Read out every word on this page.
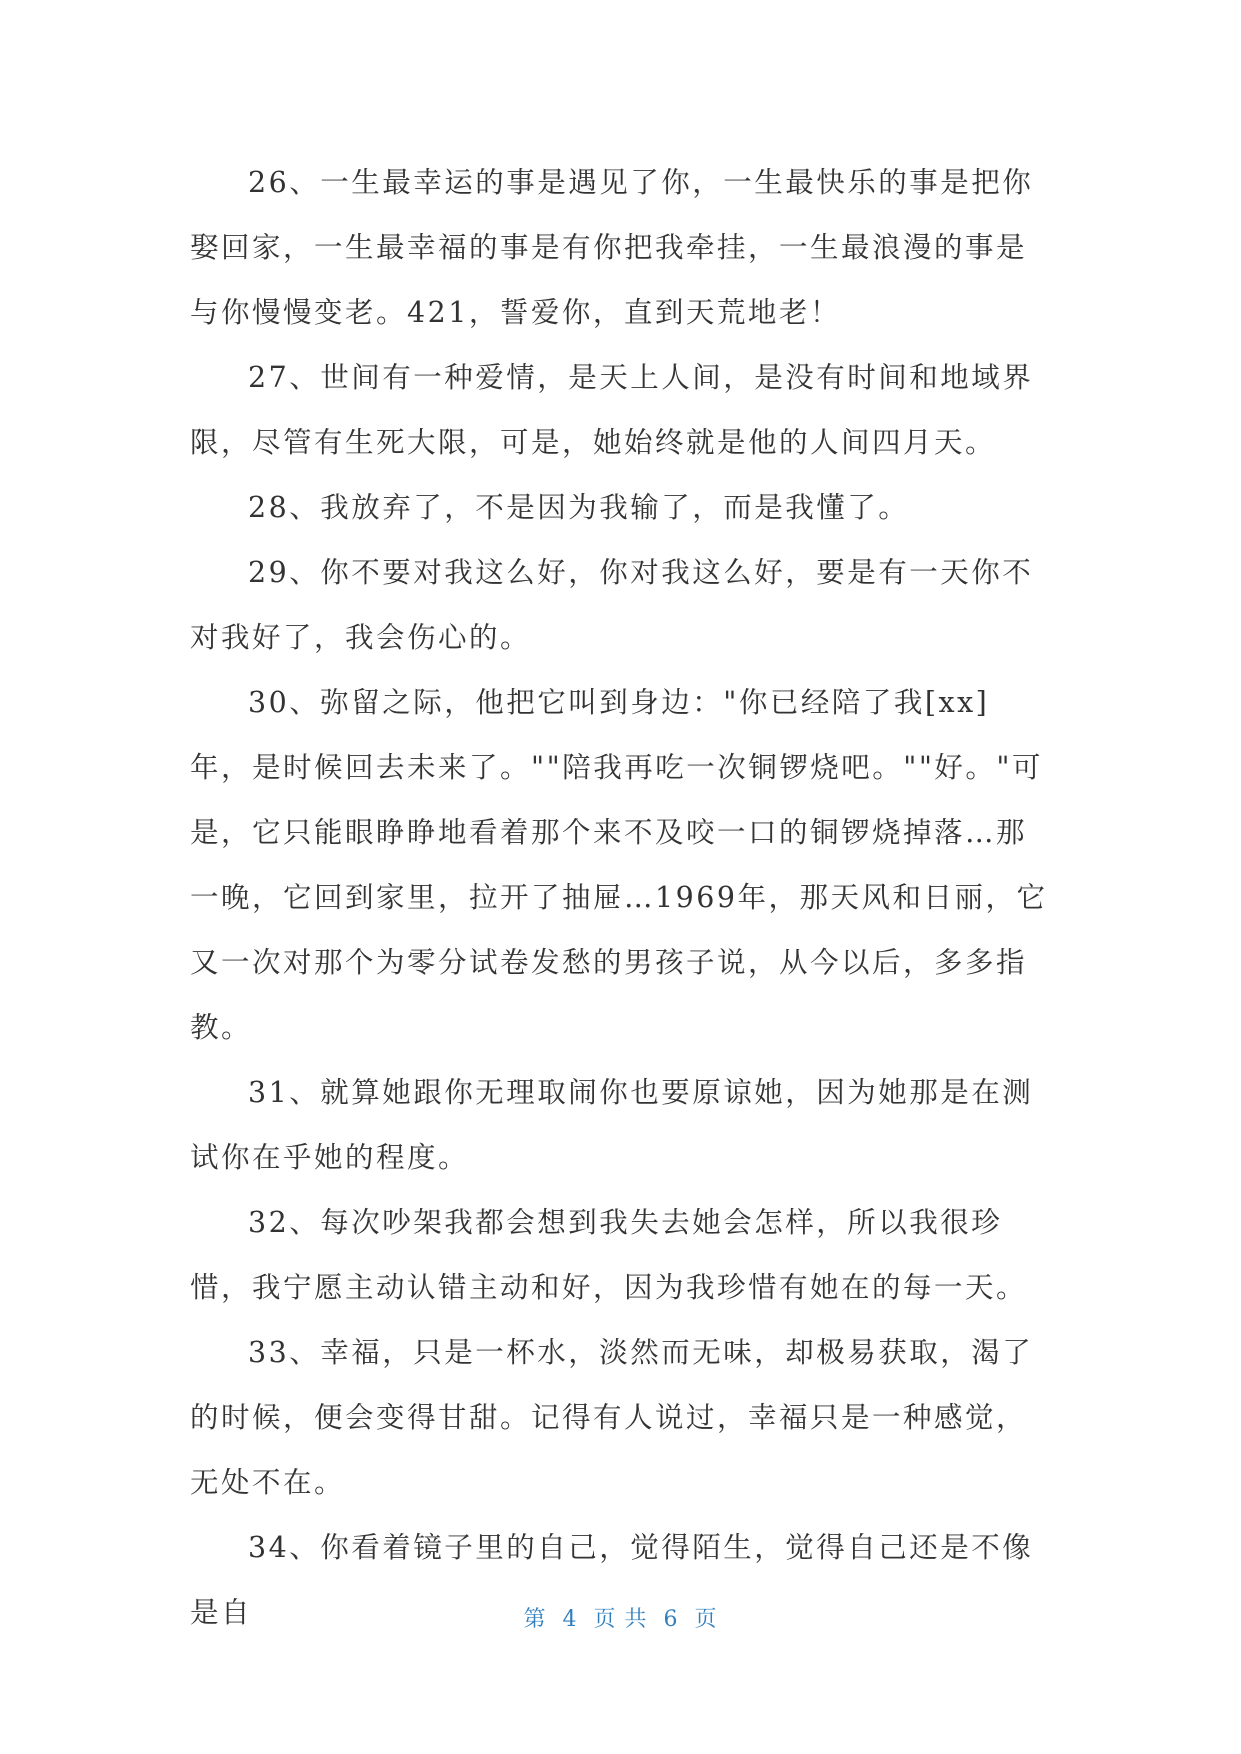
26、一生最幸运的事是遇见了你，一生最快乐的事是把你娶回家，一生最幸福的事是有你把我牵挂，一生最浪漫的事是与你慢慢变老。421，誓爱你，直到天荒地老！

27、世间有一种爱情，是天上人间，是没有时间和地域界限，尽管有生死大限，可是，她始终就是他的人间四月天。

28、我放弃了，不是因为我输了，而是我懂了。

29、你不要对我这么好，你对我这么好，要是有一天你不对我好了，我会伤心的。

30、弥留之际，他把它叫到身边："你已经陪了我[xx]年，是时候回去未来了。""陪我再吃一次铜锣烧吧。""好。"可是，它只能眼睁睁地看着那个来不及咬一口的铜锣烧掉落…那一晚，它回到家里，拉开了抽屉…1969年，那天风和日丽，它又一次对那个为零分试卷发愁的男孩子说，从今以后，多多指教。

31、就算她跟你无理取闹你也要原谅她，因为她那是在测试你在乎她的程度。

32、每次吵架我都会想到我失去她会怎样，所以我很珍惜，我宁愿主动认错主动和好，因为我珍惜有她在的每一天。

33、幸福，只是一杯水，淡然而无味，却极易获取，渴了的时候，便会变得甘甜。记得有人说过，幸福只是一种感觉，无处不在。

34、你看着镜子里的自己，觉得陌生，觉得自己还是不像是自	第  4  页 共  6  页
